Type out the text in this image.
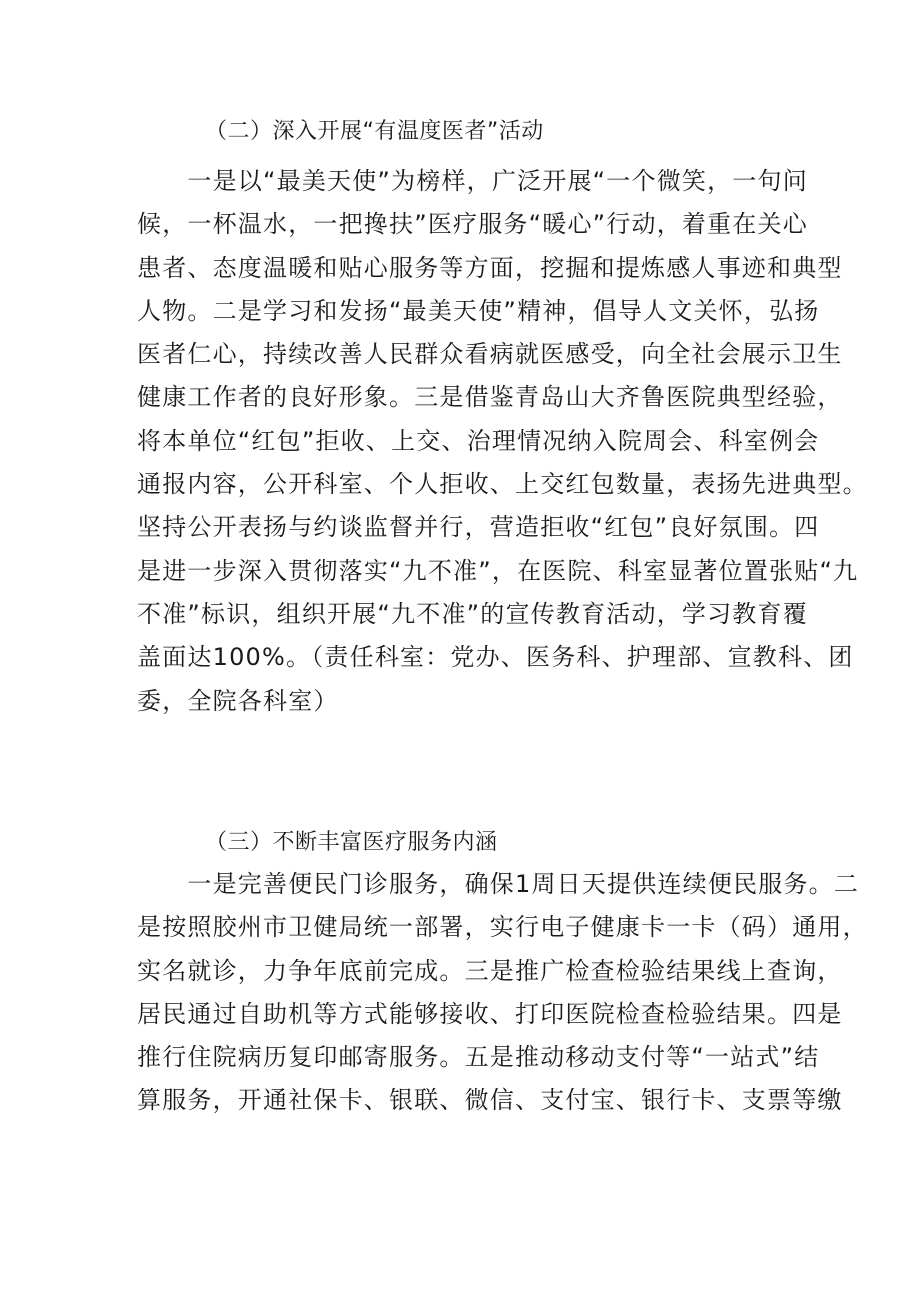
（二）深入开展“有温度医者”活动
　　一是以“最美天使”为榜样，广泛开展“一个微笑，一句问
候，一杯温水，一把搀扶”医疗服务“暖心”行动，着重在关心
患者、态度温暖和贴心服务等方面，挖掘和提炼感人事迹和典型
人物。二是学习和发扬“最美天使”精神，倡导人文关怀，弘扬
医者仁心，持续改善人民群众看病就医感受，向全社会展示卫生
健康工作者的良好形象。三是借鉴青岛山大齐鲁医院典型经验，
将本单位“红包”拒收、上交、治理情况纳入院周会、科室例会
通报内容，公开科室、个人拒收、上交红包数量，表扬先进典型。
坚持公开表扬与约谈监督并行，营造拒收“红包”良好氛围。四
是进一步深入贯彻落实“九不准”，在医院、科室显著位置张贴“九
不准”标识，组织开展“九不准”的宣传教育活动，学习教育覆
盖面达100%。（责任科室：党办、医务科、护理部、宣教科、团
委，全院各科室）
（三）不断丰富医疗服务内涵
　　一是完善便民门诊服务，确保1周日天提供连续便民服务。二
是按照胶州市卫健局统一部署，实行电子健康卡一卡（码）通用，
实名就诊，力争年底前完成。三是推广检查检验结果线上查询，
居民通过自助机等方式能够接收、打印医院检查检验结果。四是
推行住院病历复印邮寄服务。五是推动移动支付等“一站式”结
算服务，开通社保卡、银联、微信、支付宝、银行卡、支票等缴
